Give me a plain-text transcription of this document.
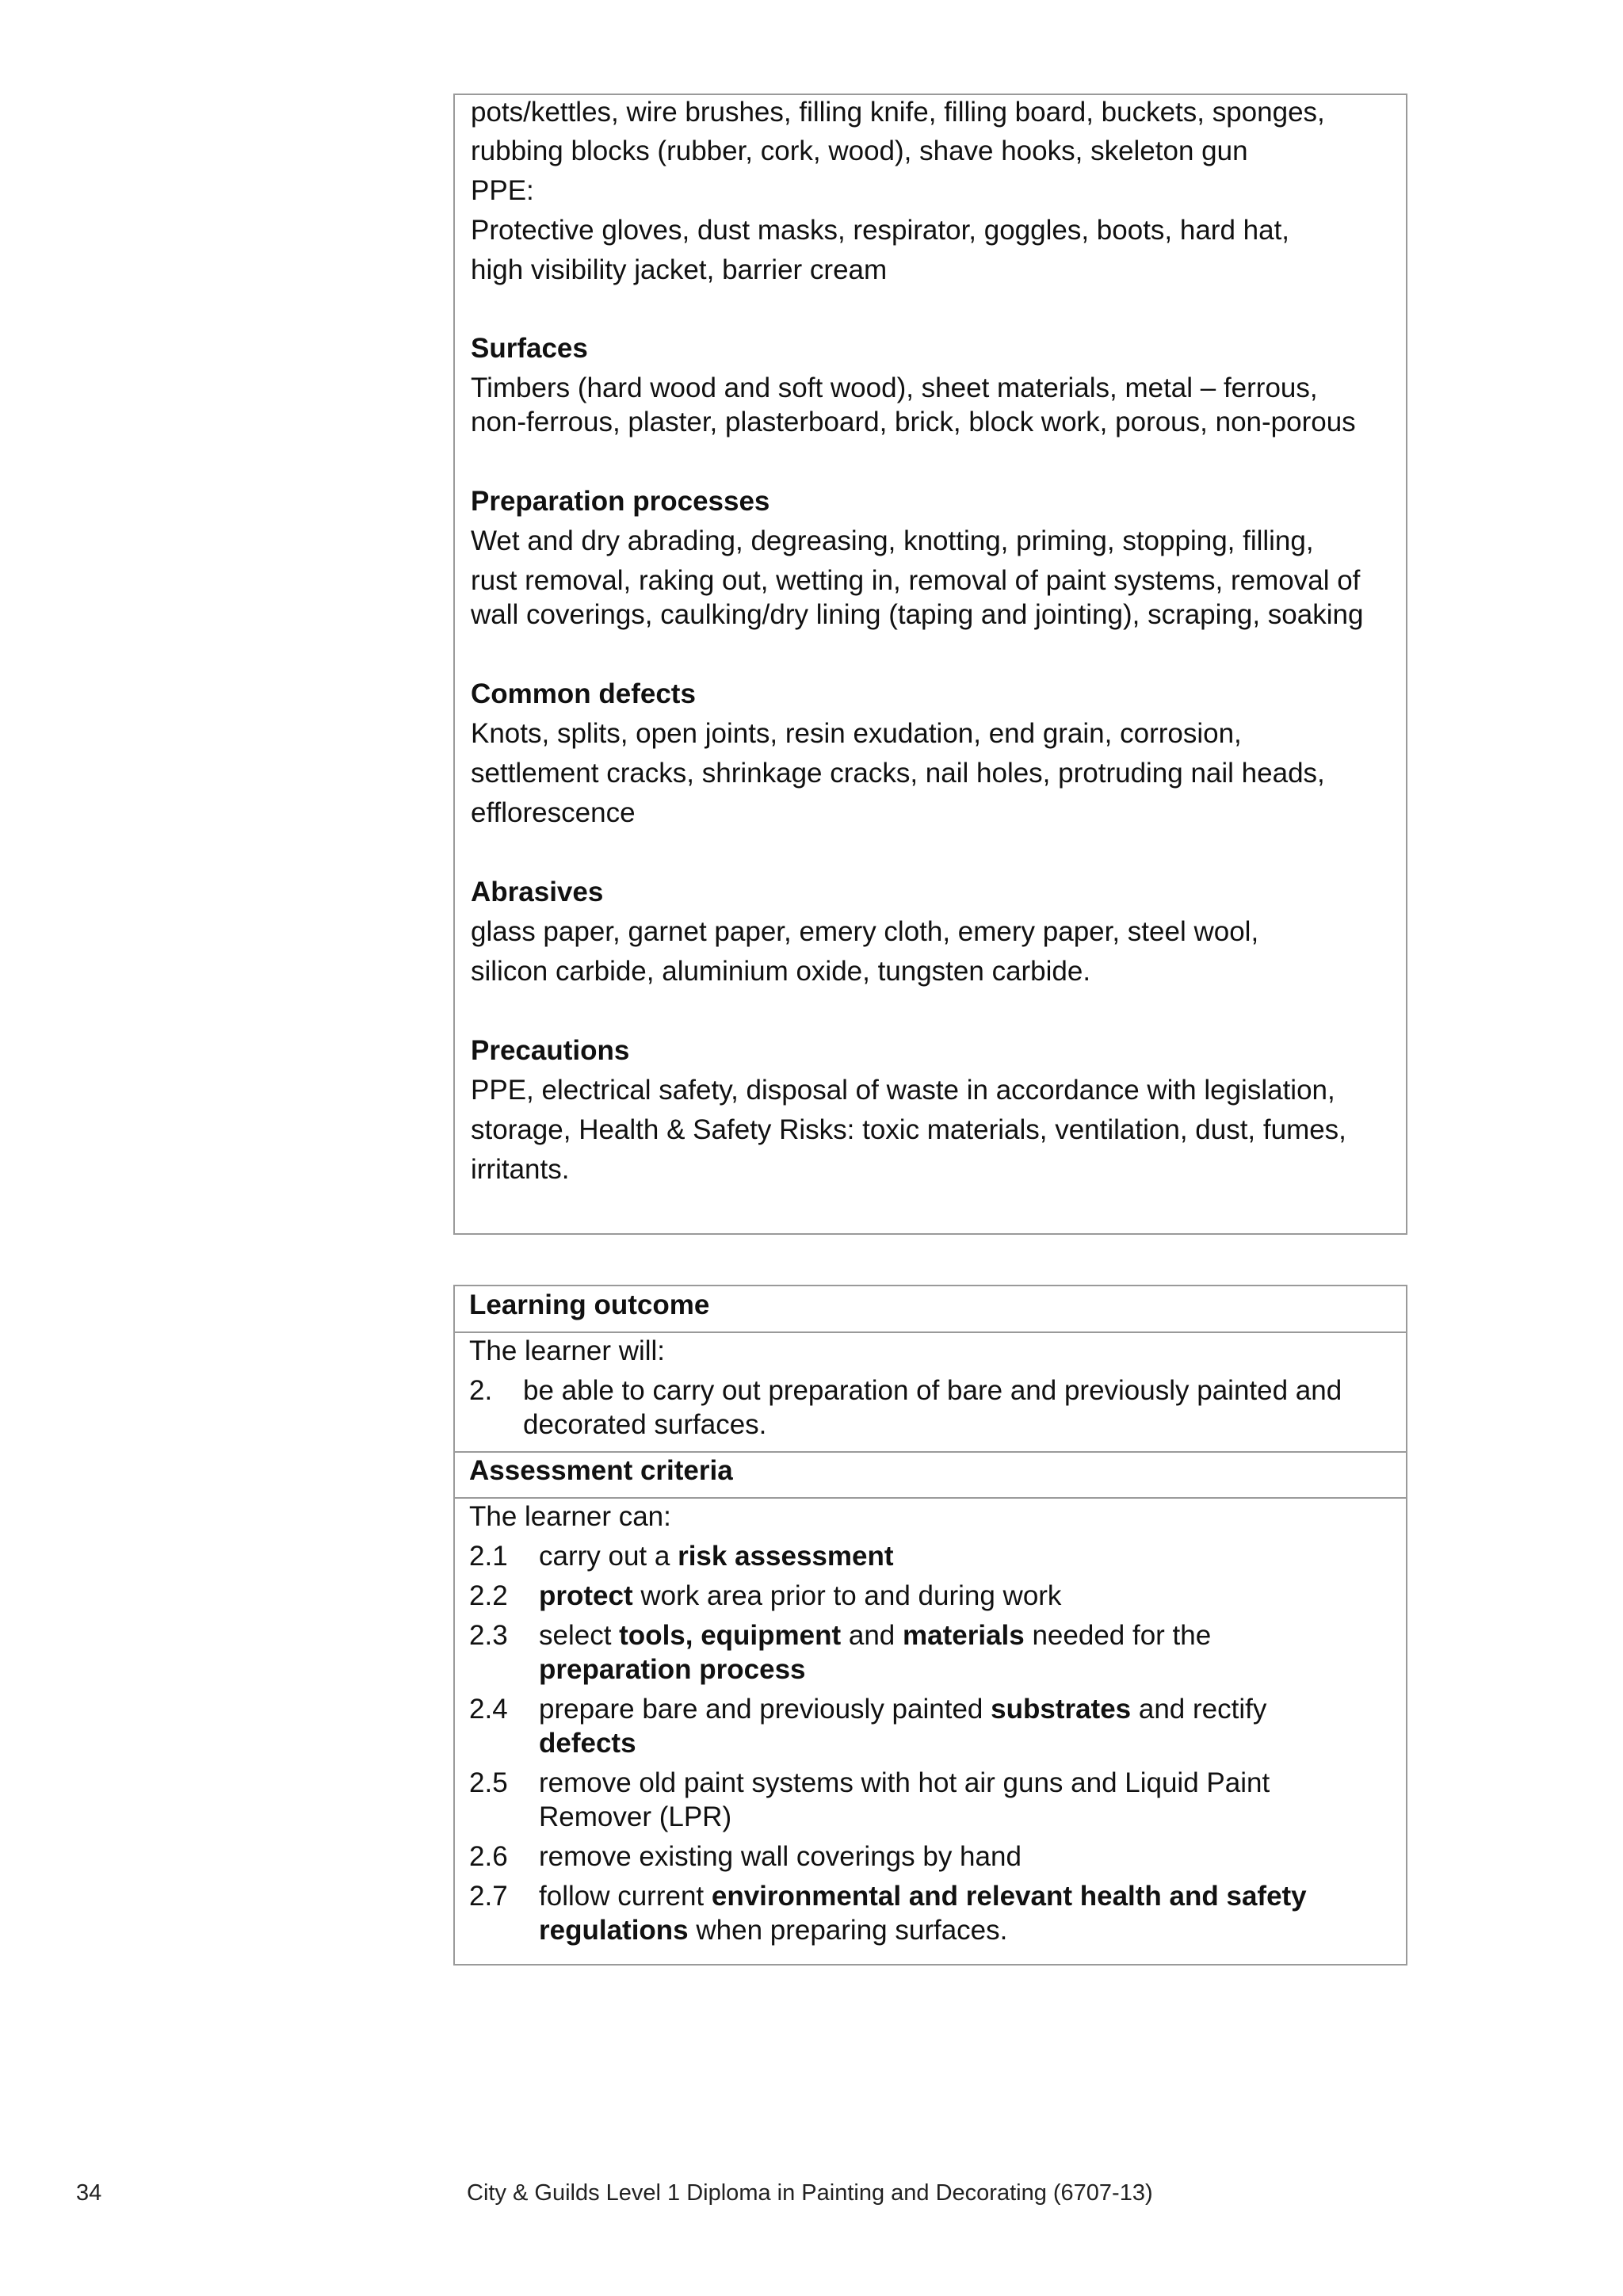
pots/kettles, wire brushes, filling knife, filling board, buckets, sponges,
rubbing blocks (rubber, cork, wood), shave hooks, skeleton gun
PPE:
Protective gloves, dust masks, respirator, goggles, boots, hard hat,
high visibility jacket, barrier cream
Surfaces
Timbers (hard wood and soft wood), sheet materials, metal – ferrous,
non-ferrous, plaster, plasterboard, brick, block work, porous, non-porous
Preparation processes
Wet and dry abrading, degreasing, knotting, priming, stopping, filling,
rust removal, raking out, wetting in, removal of paint systems, removal of
wall coverings, caulking/dry lining (taping and jointing), scraping, soaking
Common defects
Knots, splits, open joints, resin exudation, end grain, corrosion,
settlement cracks, shrinkage cracks, nail holes, protruding nail heads,
efflorescence
Abrasives
glass paper, garnet paper, emery cloth, emery paper, steel wool,
silicon carbide, aluminium oxide, tungsten carbide.
Precautions
PPE, electrical safety, disposal of waste in accordance with legislation,
storage, Health & Safety Risks: toxic materials, ventilation, dust, fumes,
irritants.
Learning outcome
The learner will:
2. be able to carry out preparation of bare and previously painted and
decorated surfaces.
Assessment criteria
The learner can:
2.1 carry out a risk assessment
2.2 protect work area prior to and during work
2.3 select tools, equipment and materials needed for the
preparation process
2.4 prepare bare and previously painted substrates and rectify
defects
2.5 remove old paint systems with hot air guns and Liquid Paint
Remover (LPR)
2.6 remove existing wall coverings by hand
2.7 follow current environmental and relevant health and safety
regulations when preparing surfaces.
34	City & Guilds Level 1 Diploma in Painting and Decorating (6707-13)
